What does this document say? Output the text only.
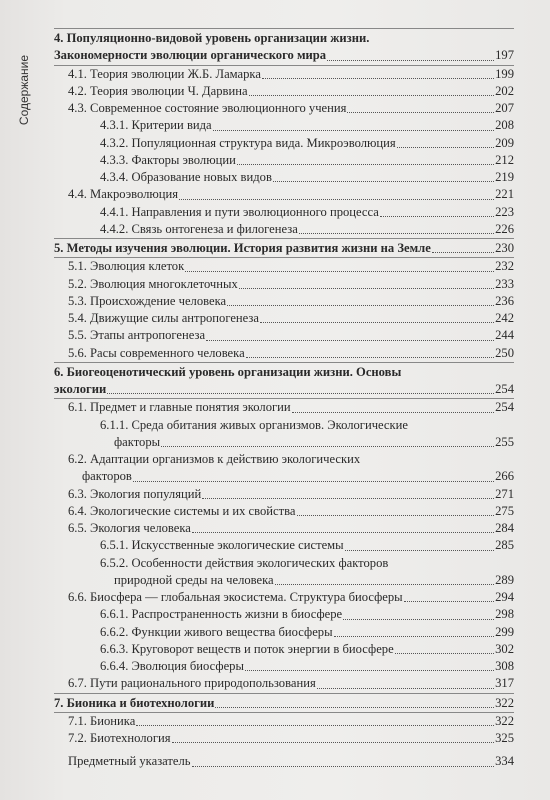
Содержание
4. Популяционно-видовой уровень организации жизни.
Закономерности эволюции органического мира	197
4.1. Теория эволюции Ж.Б. Ламарка	199
4.2. Теория эволюции Ч. Дарвина	202
4.3. Современное состояние эволюционного учения	207
4.3.1. Критерии вида	208
4.3.2. Популяционная структура вида. Микроэволюция	209
4.3.3. Факторы эволюции	212
4.3.4. Образование новых видов	219
4.4. Макроэволюция	221
4.4.1. Направления и пути эволюционного процесса	223
4.4.2. Связь онтогенеза и филогенеза	226
5. Методы изучения эволюции. История развития жизни на Земле	230
5.1. Эволюция клеток	232
5.2. Эволюция многоклеточных	233
5.3. Происхождение человека	236
5.4. Движущие силы антропогенеза	242
5.5. Этапы антропогенеза	244
5.6. Расы современного человека	250
6. Биогеоценотический уровень организации жизни. Основы
экологии	254
6.1. Предмет и главные понятия экологии	254
6.1.1. Среда обитания живых организмов. Экологические
факторы	255
6.2. Адаптации организмов к действию экологических
факторов	266
6.3. Экология популяций	271
6.4. Экологические системы и их свойства	275
6.5. Экология человека	284
6.5.1. Искусственные экологические системы	285
6.5.2. Особенности действия экологических факторов
природной среды на человека	289
6.6. Биосфера — глобальная экосистема. Структура биосферы	294
6.6.1. Распространенность жизни в биосфере	298
6.6.2. Функции живого вещества биосферы	299
6.6.3. Круговорот веществ и поток энергии в биосфере	302
6.6.4. Эволюция биосферы	308
6.7. Пути рационального природопользования	317
7. Бионика и биотехнологии	322
7.1. Бионика	322
7.2. Биотехнология	325
Предметный указатель	334
